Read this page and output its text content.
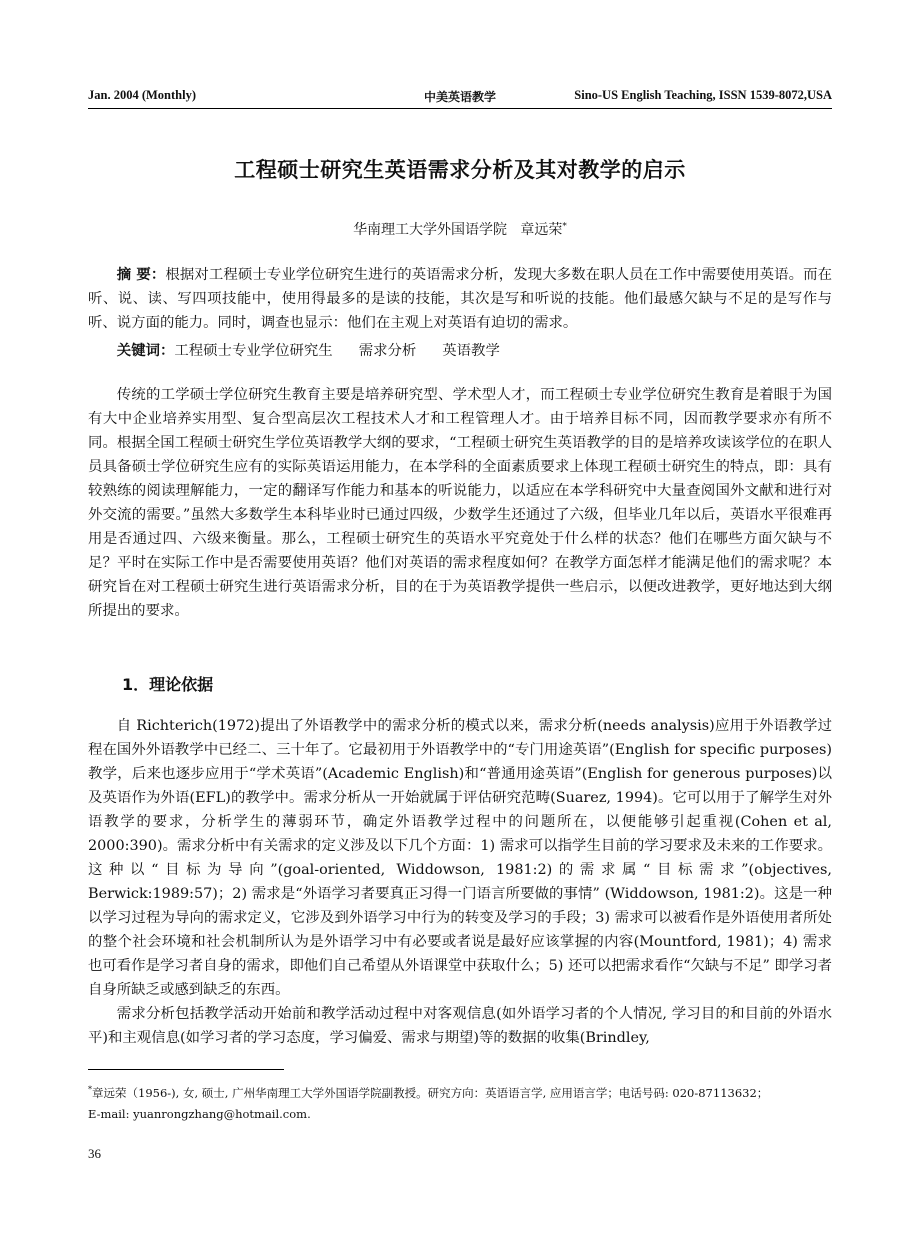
Jan. 2004 (Monthly)	中美英语教学	Sino-US English Teaching, ISSN 1539-8072,USA
工程硕士研究生英语需求分析及其对教学的启示
华南理工大学外国语学院 章远荣*

摘 要：根据对工程硕士专业学位研究生进行的英语需求分析，发现大多数在职人员在工作中需要使用英语。而在听、说、读、写四项技能中，使用得最多的是读的技能，其次是写和听说的技能。他们最感欠缺与不足的是写作与听、说方面的能力。同时，调查也显示：他们在主观上对英语有迫切的需求。

关键词：工程硕士专业学位研究生 需求分析 英语教学

传统的工学硕士学位研究生教育主要是培养研究型、学术型人才，而工程硕士专业学位研究生教育是着眼于为国有大中企业培养实用型、复合型高层次工程技术人才和工程管理人才。由于培养目标不同，因而教学要求亦有所不同。根据全国工程硕士研究生学位英语教学大纲的要求，“工程硕士研究生英语教学的目的是培养攻读该学位的在职人员具备硕士学位研究生应有的实际英语运用能力，在本学科的全面素质要求上体现工程硕士研究生的特点，即：具有较熟练的阅读理解能力，一定的翻译写作能力和基本的听说能力，以适应在本学科研究中大量查阅国外文献和进行对外交流的需要。”虽然大多数学生本科毕业时已通过四级，少数学生还通过了六级，但毕业几年以后，英语水平很难再用是否通过四、六级来衡量。那么，工程硕士研究生的英语水平究竟处于什么样的状态？他们在哪些方面欠缺与不足？平时在实际工作中是否需要使用英语？他们对英语的需求程度如何？在教学方面怎样才能满足他们的需求呢？本研究旨在对工程硕士研究生进行英语需求分析，目的在于为英语教学提供一些启示，以便改进教学，更好地达到大纲所提出的要求。

1．理论依据

自 Richterich(1972)提出了外语教学中的需求分析的模式以来，需求分析(needs analysis)应用于外语教学过程在国外外语教学中已经二、三十年了。它最初用于外语教学中的“专门用途英语”(English for specific purposes)教学，后来也逐步应用于“学术英语”(Academic English)和“普通用途英语”(English for generous purposes)以及英语作为外语(EFL)的教学中。需求分析从一开始就属于评估研究范畴(Suarez, 1994)。它可以用于了解学生对外语教学的要求，分析学生的薄弱环节，确定外语教学过程中的问题所在，以便能够引起重视(Cohen et al, 2000:390)。需求分析中有关需求的定义涉及以下几个方面：1) 需求可以指学生目前的学习要求及未来的工作要求。这种以“目标为导向”(goal-oriented, Widdowson, 1981:2)的需求属“目标需求”(objectives, Berwick:1989:57)；2) 需求是“外语学习者要真正习得一门语言所要做的事情” (Widdowson, 1981:2)。这是一种以学习过程为导向的需求定义，它涉及到外语学习中行为的转变及学习的手段；3) 需求可以被看作是外语使用者所处的整个社会环境和社会机制所认为是外语学习中有必要或者说是最好应该掌握的内容(Mountford, 1981)；4) 需求也可看作是学习者自身的需求，即他们自己希望从外语课堂中获取什么；5) 还可以把需求看作“欠缺与不足” 即学习者自身所缺乏或感到缺乏的东西。

需求分析包括教学活动开始前和教学活动过程中对客观信息(如外语学习者的个人情况, 学习目的和目前的外语水平)和主观信息(如学习者的学习态度，学习偏爱、需求与期望)等的数据的收集(Brindley,

*章远荣（1956-), 女, 硕士, 广州华南理工大学外国语学院副教授。研究方向：英语语言学, 应用语言学；电话号码: 020-87113632；
E-mail: yuanrongzhang@hotmail.com.
36
